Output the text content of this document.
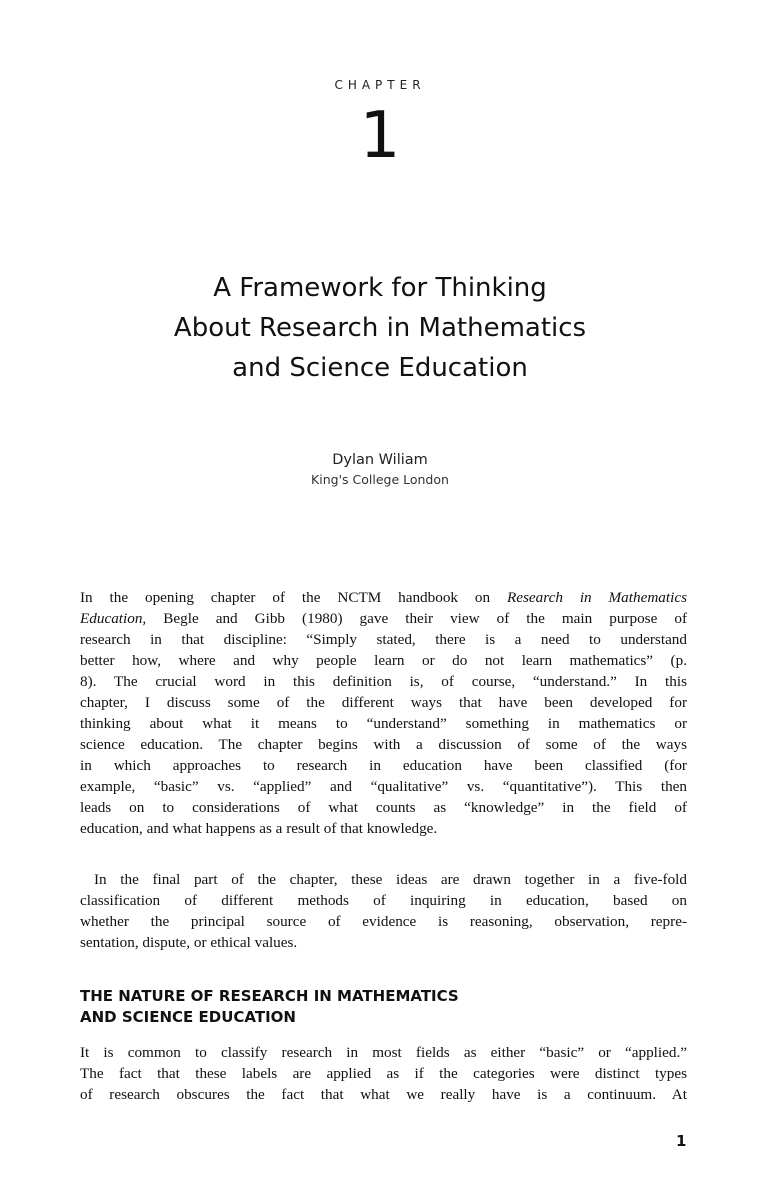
CHAPTER
1
A Framework for Thinking
About Research in Mathematics
and Science Education
Dylan Wiliam
King's College London
In the opening chapter of the NCTM handbook on Research in Mathematics
Education, Begle and Gibb (1980) gave their view of the main purpose of
research in that discipline: “Simply stated, there is a need to understand
better how, where and why people learn or do not learn mathematics” (p.
8). The crucial word in this definition is, of course, “understand.” In this
chapter, I discuss some of the different ways that have been developed for
thinking about what it means to “understand” something in mathematics or
science education. The chapter begins with a discussion of some of the ways
in which approaches to research in education have been classified (for
example, “basic” vs. “applied” and “qualitative” vs. “quantitative”). This then
leads on to considerations of what counts as “knowledge” in the field of
education, and what happens as a result of that knowledge.
In the final part of the chapter, these ideas are drawn together in a five-fold
classification of different methods of inquiring in education, based on
whether the principal source of evidence is reasoning, observation, repre-
sentation, dispute, or ethical values.
THE NATURE OF RESEARCH IN MATHEMATICS
AND SCIENCE EDUCATION
It is common to classify research in most fields as either “basic” or “applied.”
The fact that these labels are applied as if the categories were distinct types
of research obscures the fact that what we really have is a continuum. At
1
